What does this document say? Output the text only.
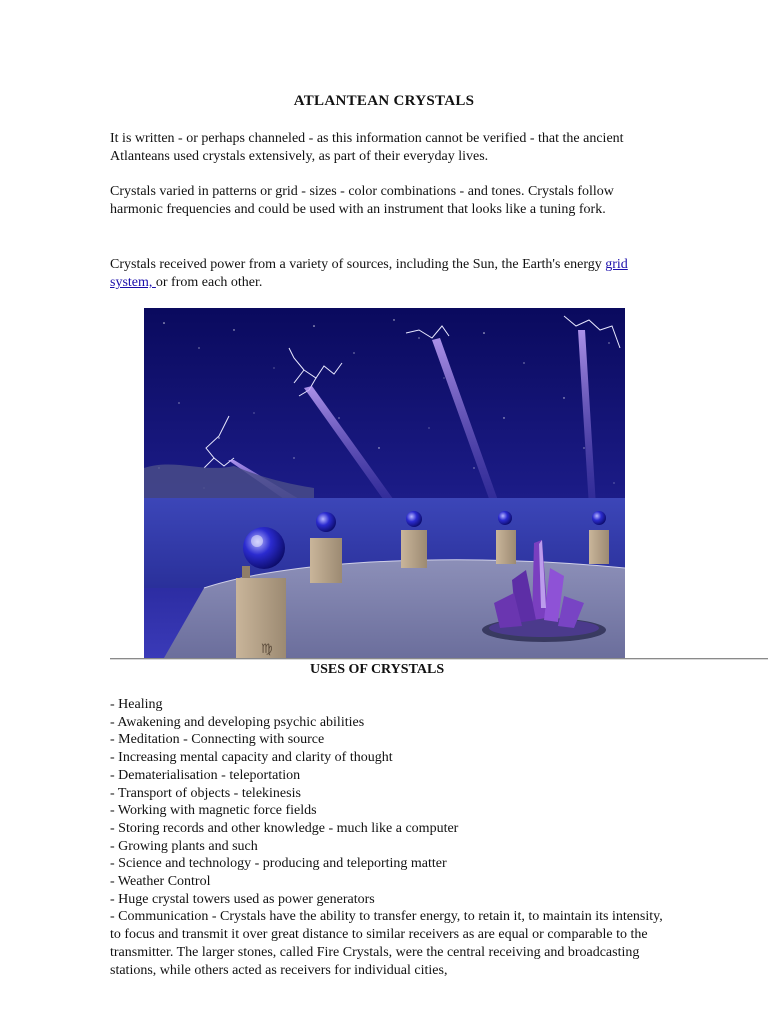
ATLANTEAN CRYSTALS
It is written - or perhaps channeled - as this information cannot be verified - that the ancient Atlanteans used crystals extensively, as part of their everyday lives.
Crystals varied in patterns or grid - sizes - color combinations - and tones. Crystals follow harmonic frequencies and could be used with an instrument that looks like a tuning fork.
Crystals received power from a variety of sources, including the Sun, the Earth's energy grid system, or from each other.
♍
USES OF CRYSTALS
- Healing
- Awakening and developing psychic abilities
- Meditation - Connecting with source
- Increasing mental capacity and clarity of thought
- Dematerialisation - teleportation
- Transport of objects - telekinesis
- Working with magnetic force fields
- Storing records and other knowledge - much like a computer
- Growing plants and such
- Science and technology - producing and teleporting matter
- Weather Control
- Huge crystal towers used as power generators
- Communication - Crystals have the ability to transfer energy, to retain it, to maintain its intensity, to focus and transmit it over great distance to similar receivers as are equal or comparable to the transmitter. The larger stones, called Fire Crystals, were the central receiving and broadcasting stations, while others acted as receivers for individual cities,
